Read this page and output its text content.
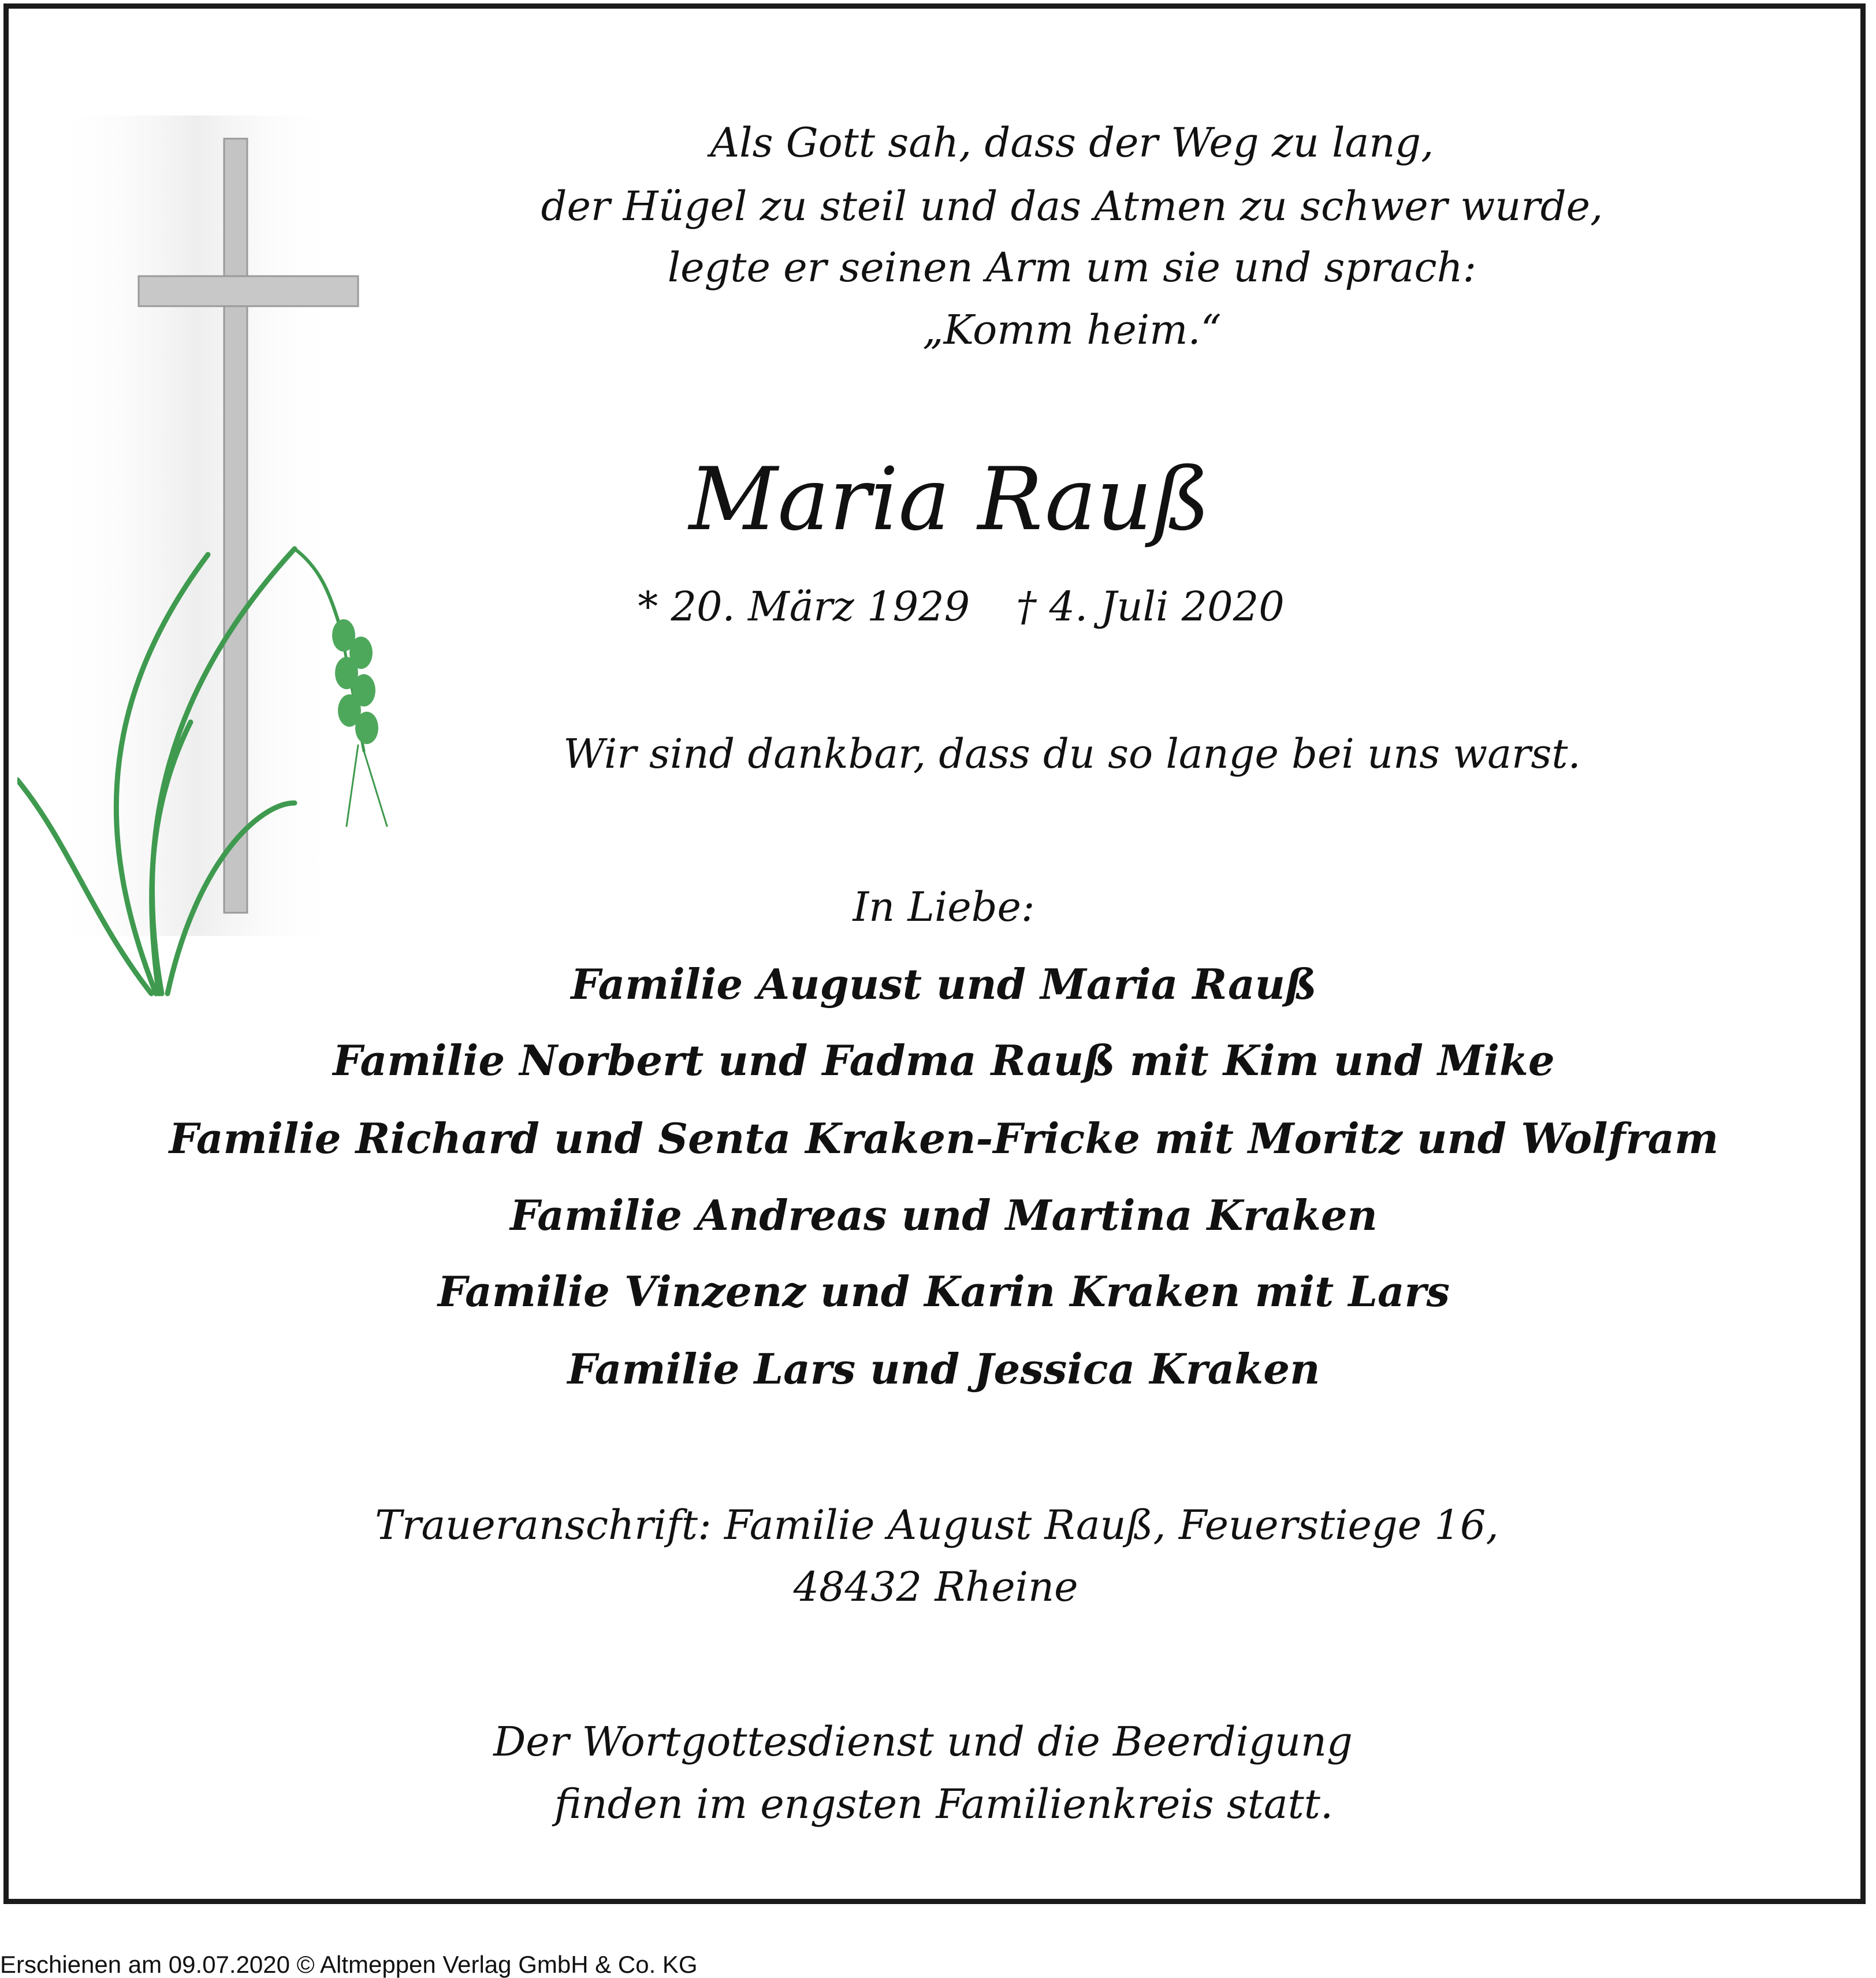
Als Gott sah, dass der Weg zu lang,

der Hügel zu steil und das Atmen zu schwer wurde,

legte er seinen Arm um sie und sprach:

„Komm heim.“

Maria Rauß

* 20. März 1929 † 4. Juli 2020

Wir sind dankbar, dass du so lange bei uns warst.

In Liebe:

Familie August und Maria Rauß

Familie Norbert und Fadma Rauß mit Kim und Mike

Familie Richard und Senta Kraken-Fricke mit Moritz und Wolfram

Familie Andreas und Martina Kraken

Familie Vinzenz und Karin Kraken mit Lars

Familie Lars und Jessica Kraken

Traueranschrift: Familie August Rauß, Feuerstiege 16,

48432 Rheine

Der Wortgottesdienst und die Beerdigung

finden im engsten Familienkreis statt.

Erschienen am 09.07.2020 © Altmeppen Verlag GmbH & Co. KG
